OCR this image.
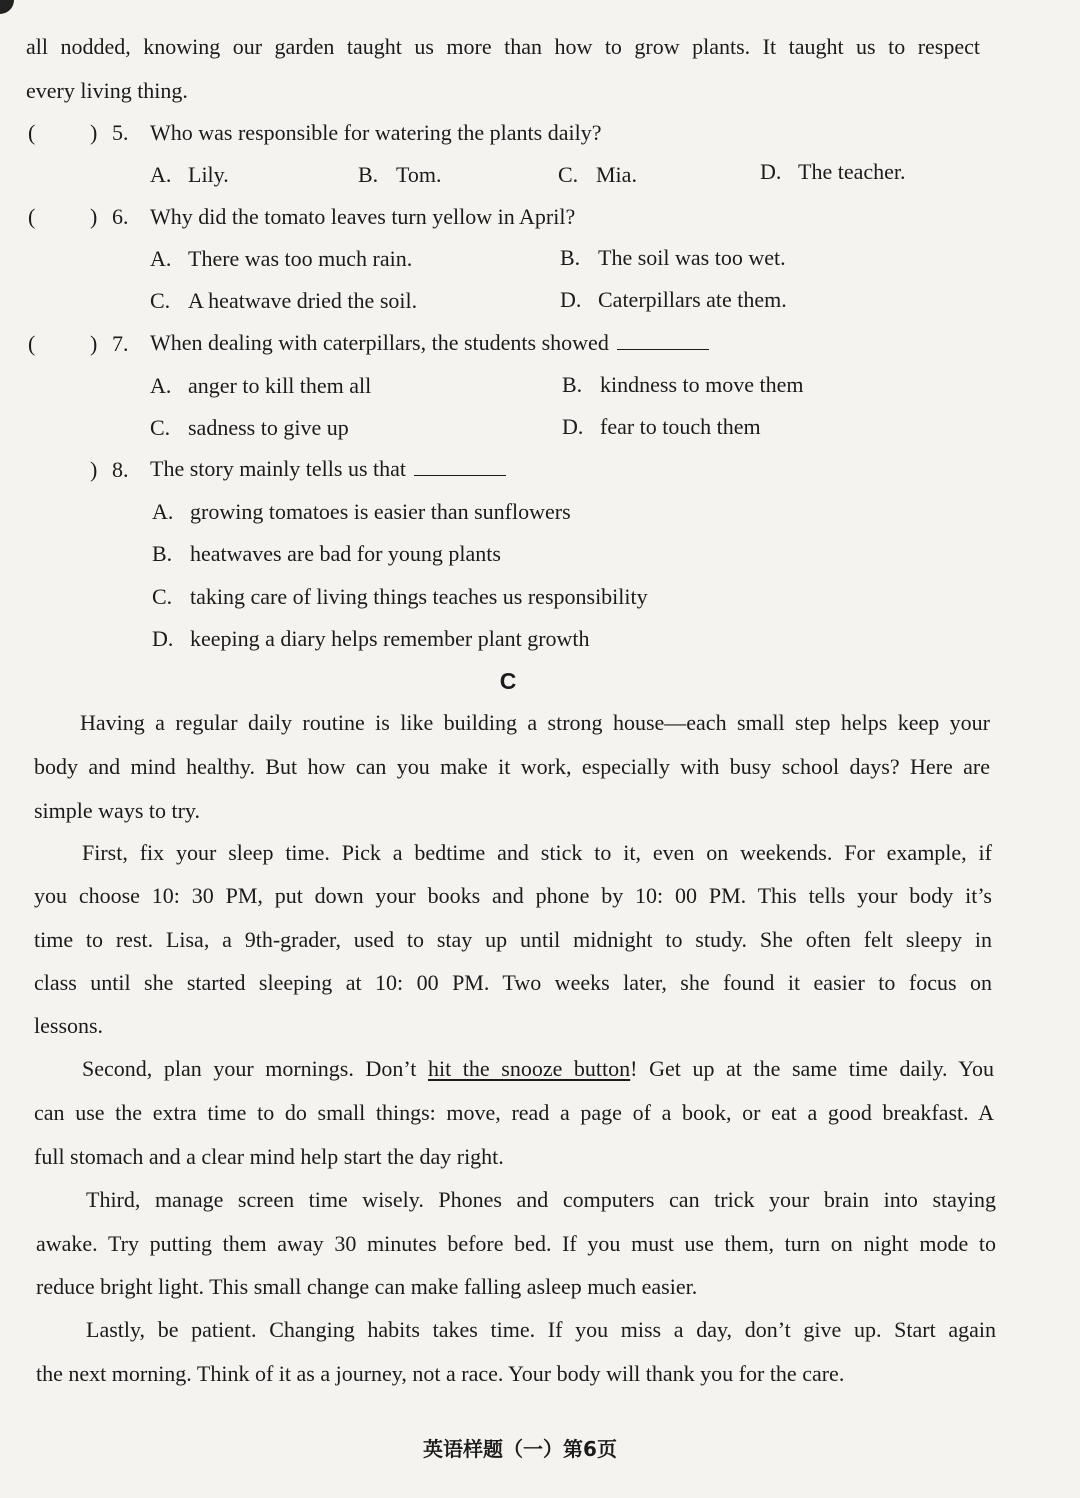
all nodded, knowing our garden taught us more than how to grow plants. It taught us to respect
every living thing.
( ) 5. Who was responsible for watering the plants daily?
A. Lily.	B. Tom.	C. Mia.	D. The teacher.
( ) 6. Why did the tomato leaves turn yellow in April?
A. There was too much rain.	B. The soil was too wet.
C. A heatwave dried the soil.	D. Caterpillars ate them.
( ) 7. When dealing with caterpillars, the students showed
A. anger to kill them all	B. kindness to move them
C. sadness to give up	D. fear to touch them
) 8. The story mainly tells us that
A. growing tomatoes is easier than sunflowers
B. heatwaves are bad for young plants
C. taking care of living things teaches us responsibility
D. keeping a diary helps remember plant growth
C
Having a regular daily routine is like building a strong house—each small step helps keep your
body and mind healthy. But how can you make it work, especially with busy school days? Here are
simple ways to try.
First, fix your sleep time. Pick a bedtime and stick to it, even on weekends. For example, if
you choose 10: 30 PM, put down your books and phone by 10: 00 PM. This tells your body it’s
time to rest. Lisa, a 9th-grader, used to stay up until midnight to study. She often felt sleepy in
class until she started sleeping at 10: 00 PM. Two weeks later, she found it easier to focus on
lessons.
Second, plan your mornings. Don’t hit the snooze button! Get up at the same time daily. You
can use the extra time to do small things: move, read a page of a book, or eat a good breakfast. A
full stomach and a clear mind help start the day right.
Third, manage screen time wisely. Phones and computers can trick your brain into staying
awake. Try putting them away 30 minutes before bed. If you must use them, turn on night mode to
reduce bright light. This small change can make falling asleep much easier.
Lastly, be patient. Changing habits takes time. If you miss a day, don’t give up. Start again
the next morning. Think of it as a journey, not a race. Your body will thank you for the care.
英语样题（一）第6页
